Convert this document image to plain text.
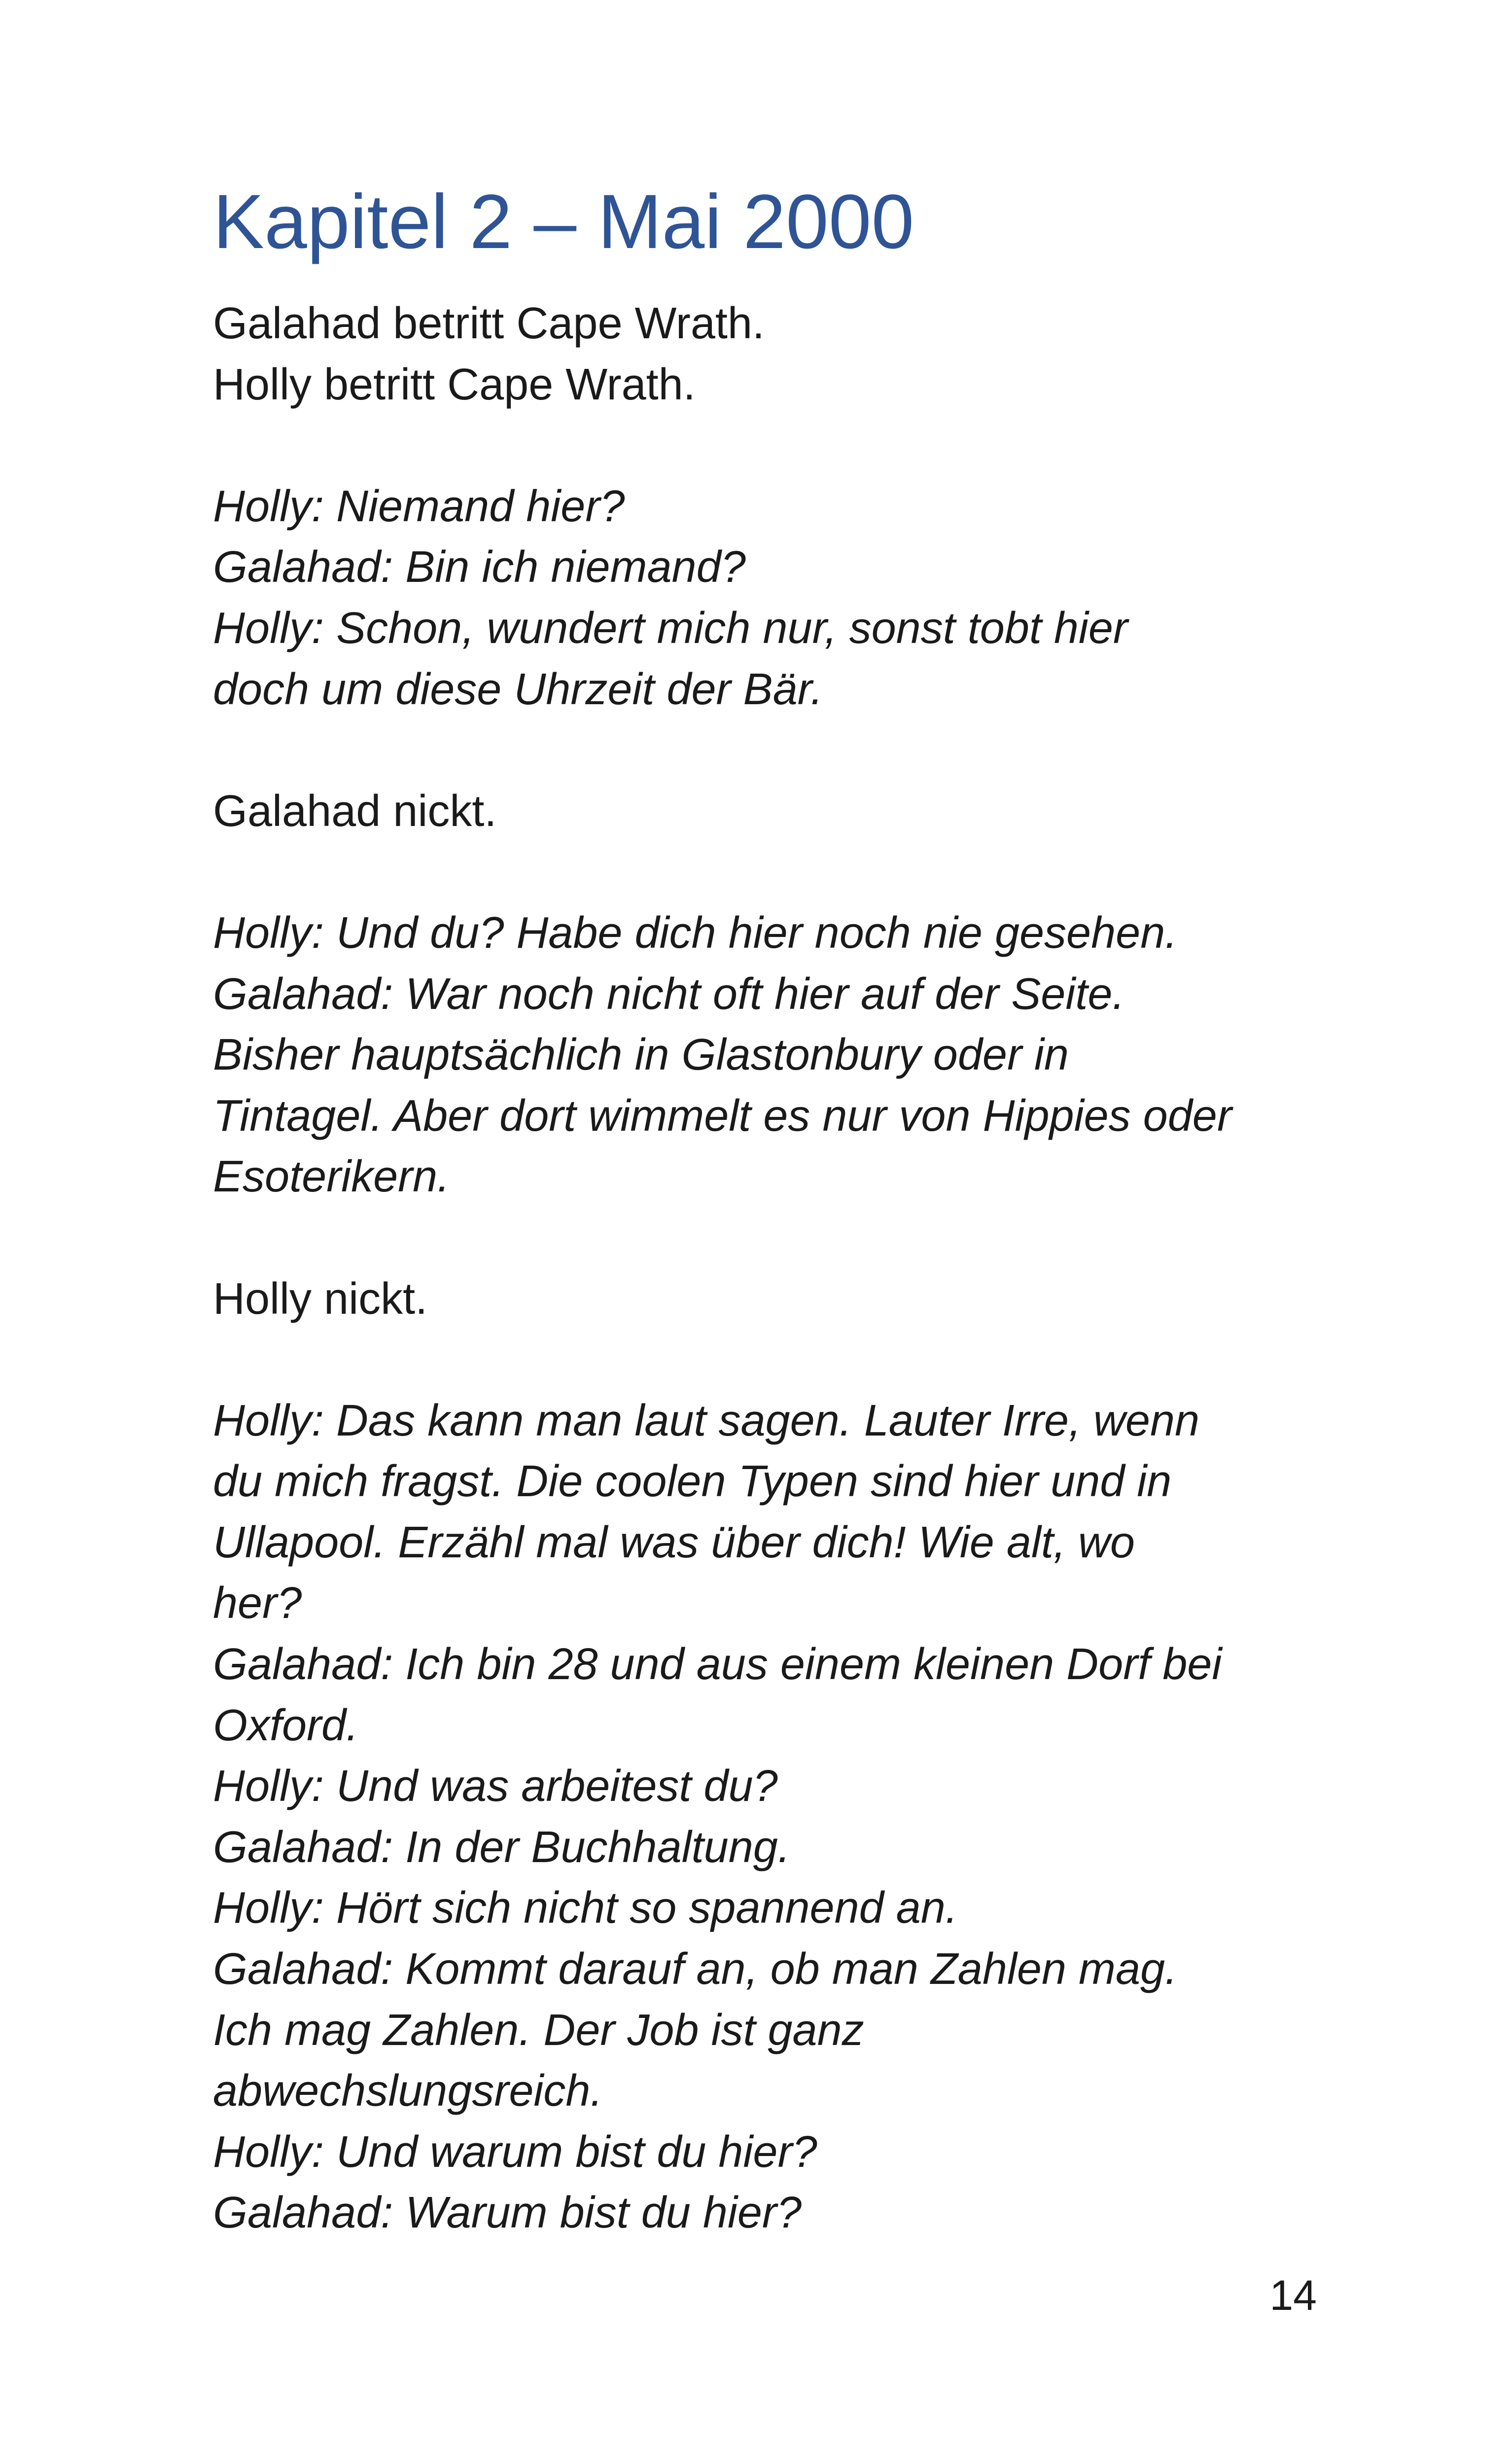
Kapitel 2 – Mai 2000
Galahad betritt Cape Wrath.
Holly betritt Cape Wrath.
Holly: Niemand hier?
Galahad: Bin ich niemand?
Holly: Schon, wundert mich nur, sonst tobt hier
doch um diese Uhrzeit der Bär.
Galahad nickt.
Holly: Und du? Habe dich hier noch nie gesehen.
Galahad: War noch nicht oft hier auf der Seite.
Bisher hauptsächlich in Glastonbury oder in
Tintagel. Aber dort wimmelt es nur von Hippies oder
Esoterikern.
Holly nickt.
Holly: Das kann man laut sagen. Lauter Irre, wenn
du mich fragst. Die coolen Typen sind hier und in
Ullapool. Erzähl mal was über dich! Wie alt, wo
her?
Galahad: Ich bin 28 und aus einem kleinen Dorf bei
Oxford.
Holly: Und was arbeitest du?
Galahad: In der Buchhaltung.
Holly: Hört sich nicht so spannend an.
Galahad: Kommt darauf an, ob man Zahlen mag.
Ich mag Zahlen. Der Job ist ganz
abwechslungsreich.
Holly: Und warum bist du hier?
Galahad: Warum bist du hier?
14
